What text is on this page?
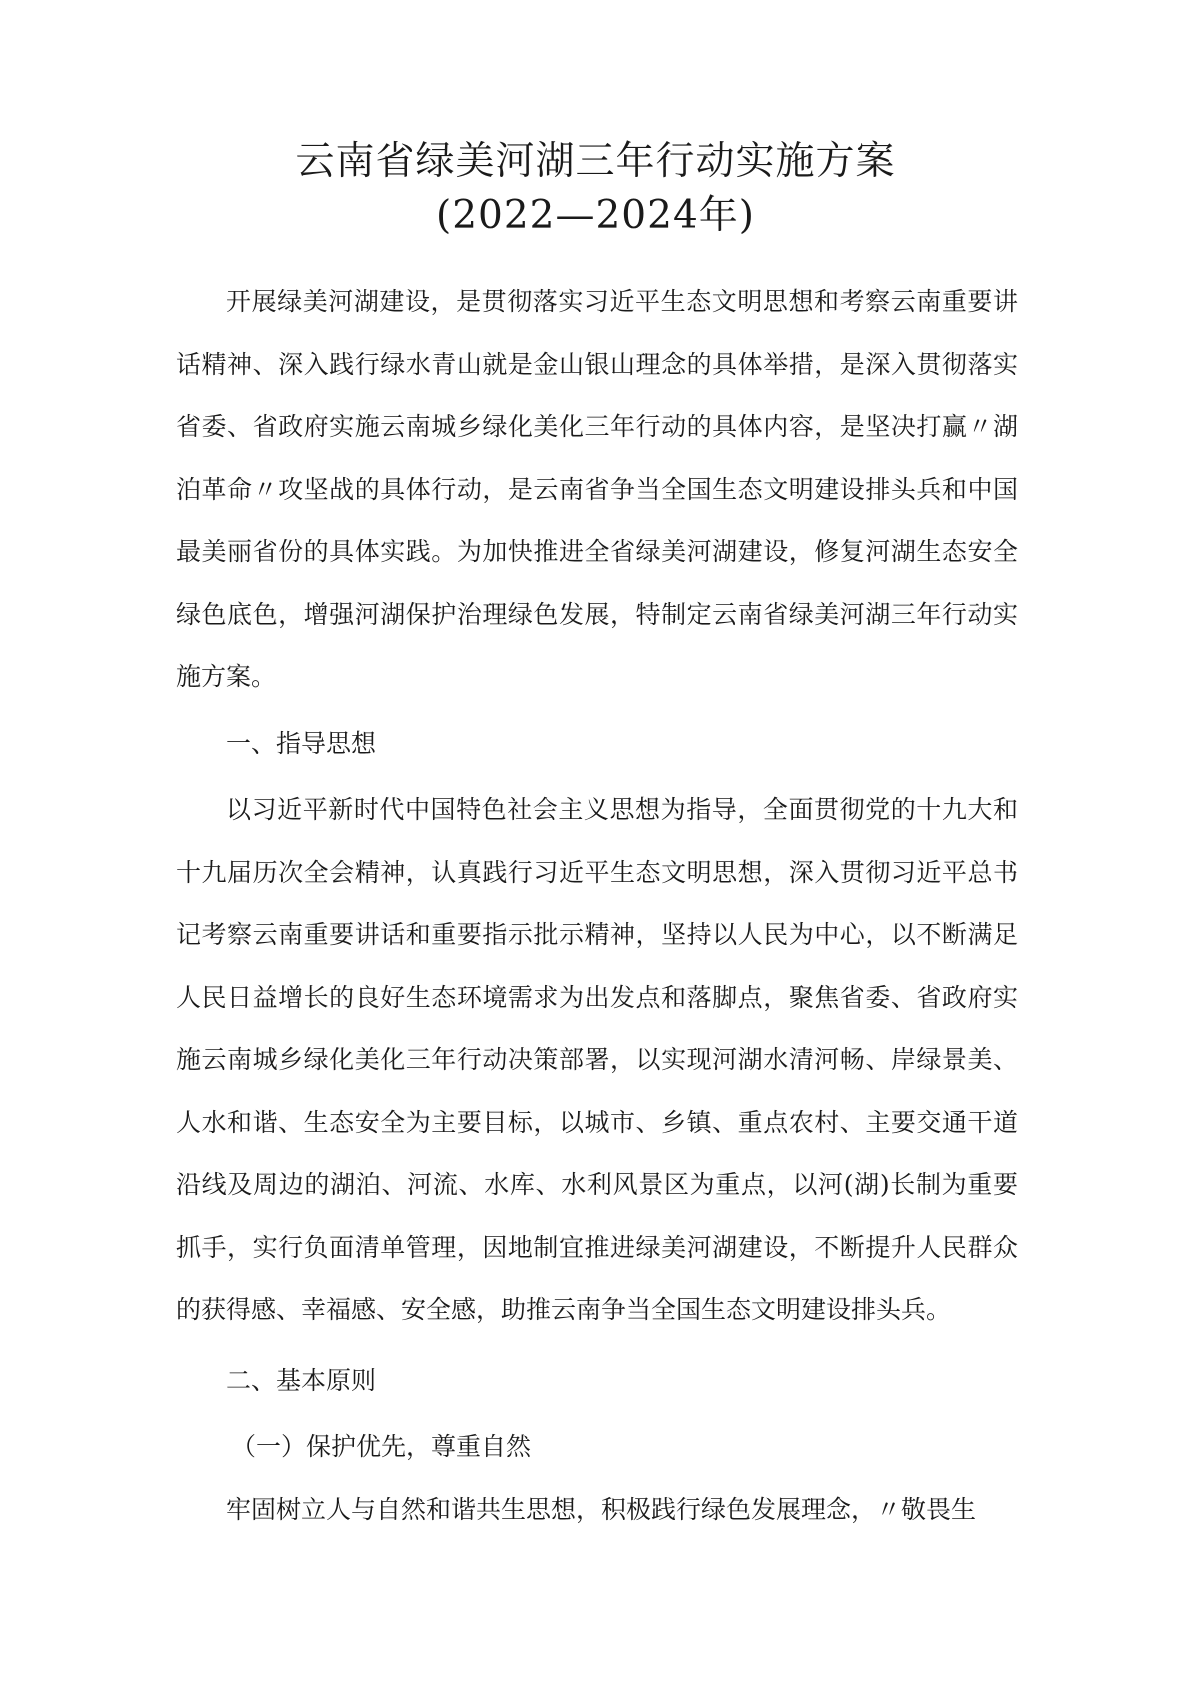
云南省绿美河湖三年行动实施方案
(2022—2024年)

开展绿美河湖建设，是贯彻落实习近平生态文明思想和考察云南重要讲话精神、深入践行绿水青山就是金山银山理念的具体举措，是深入贯彻落实省委、省政府实施云南城乡绿化美化三年行动的具体内容，是坚决打赢〃湖泊革命〃攻坚战的具体行动，是云南省争当全国生态文明建设排头兵和中国最美丽省份的具体实践。为加快推进全省绿美河湖建设，修复河湖生态安全绿色底色，增强河湖保护治理绿色发展，特制定云南省绿美河湖三年行动实施方案。

一、指导思想

以习近平新时代中国特色社会主义思想为指导，全面贯彻党的十九大和十九届历次全会精神，认真践行习近平生态文明思想，深入贯彻习近平总书记考察云南重要讲话和重要指示批示精神，坚持以人民为中心，以不断满足人民日益增长的良好生态环境需求为出发点和落脚点，聚焦省委、省政府实施云南城乡绿化美化三年行动决策部署，以实现河湖水清河畅、岸绿景美、人水和谐、生态安全为主要目标，以城市、乡镇、重点农村、主要交通干道沿线及周边的湖泊、河流、水库、水利风景区为重点，以河(湖)长制为重要抓手，实行负面清单管理，因地制宜推进绿美河湖建设，不断提升人民群众的获得感、幸福感、安全感，助推云南争当全国生态文明建设排头兵。

二、基本原则

（一）保护优先，尊重自然

牢固树立人与自然和谐共生思想，积极践行绿色发展理念，〃敬畏生
